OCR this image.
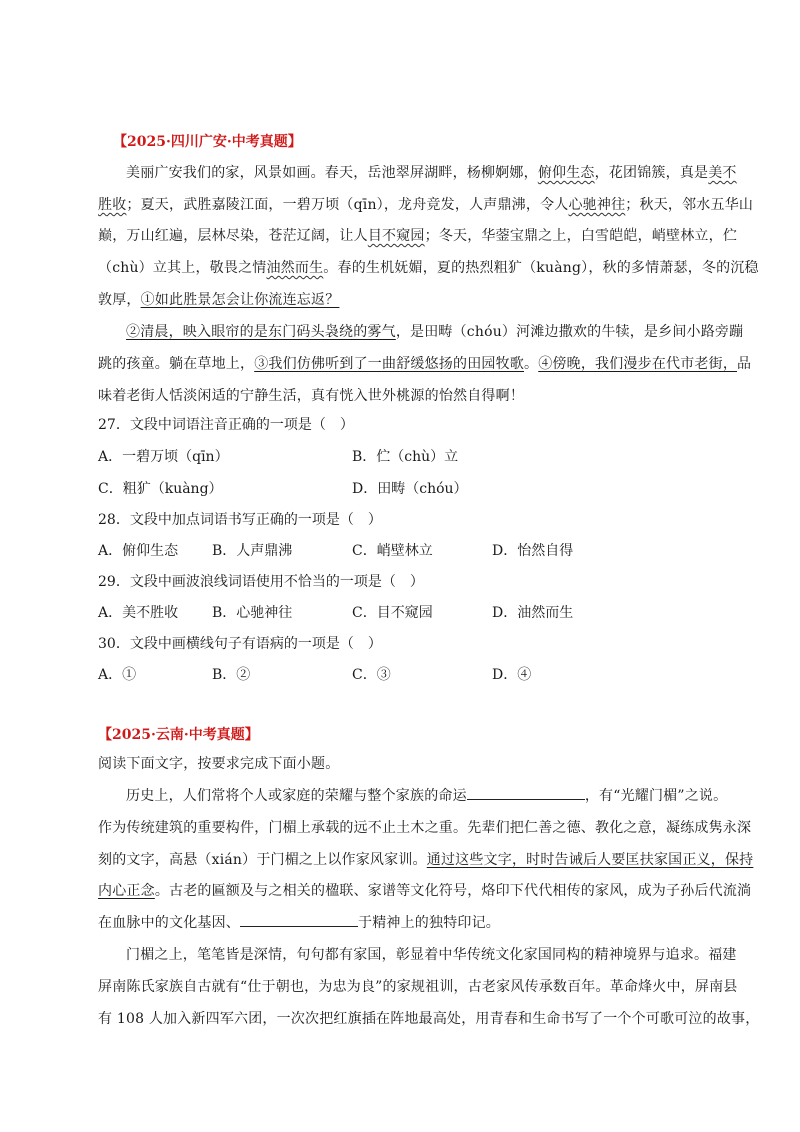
【2025·四川广安·中考真题】
美丽广安我们的家，风景如画。春天，岳池翠屏湖畔，杨柳婀娜，俯仰生态，花团锦簇，真是美不
胜收；夏天，武胜嘉陵江面，一碧万顷（qīn），龙舟竞发，人声鼎沸，令人心驰神往；秋天，邻水五华山
巅，万山红遍，层林尽染，苍茫辽阔，让人目不窥园；冬天，华蓥宝鼎之上，白雪皑皑，峭壁林立，伫
（chù）立其上，敬畏之情油然而生。春的生机妩媚，夏的热烈粗犷（kuàng），秋的多情萧瑟，冬的沉稳
敦厚，①如此胜景怎会让你流连忘返？
②清晨，映入眼帘的是东门码头袅绕的雾气，是田畴（chóu）河滩边撒欢的牛犊，是乡间小路旁蹦
跳的孩童。躺在草地上，③我们仿佛听到了一曲舒缓悠扬的田园牧歌。④傍晚，我们漫步在代市老街，品
味着老街人恬淡闲适的宁静生活，真有恍入世外桃源的怡然自得啊！
27．文段中词语注音正确的一项是（　）
A．一碧万顷（qīn）	B．伫（chù）立
C．粗犷（kuàng）	D．田畴（chóu）
28．文段中加点词语书写正确的一项是（　）
A．俯仰生态 B．人声鼎沸	C．峭壁林立	D．怡然自得
29．文段中画波浪线词语使用不恰当的一项是（　）
A．美不胜收 B．心驰神往	C．目不窥园	D．油然而生
30．文段中画横线句子有语病的一项是（　）
A．①	B．②	C．③	D．④
【2025·云南·中考真题】
阅读下面文字，按要求完成下面小题。
历史上，人们常将个人或家庭的荣耀与整个家族的命运	，有“光耀门楣”之说。
作为传统建筑的重要构件，门楣上承载的远不止土木之重。先辈们把仁善之德、教化之意，凝练成隽永深
刻的文字，高悬（xián）于门楣之上以作家风家训。通过这些文字，时时告诫后人要匡扶家国正义，保持
内心正念。古老的匾额及与之相关的楹联、家谱等文化符号，烙印下代代相传的家风，成为子孙后代流淌
在血脉中的文化基因、	于精神上的独特印记。
门楣之上，笔笔皆是深情，句句都有家国，彰显着中华传统文化家国同构的精神境界与追求。福建
屏南陈氏家族自古就有“仕于朝也，为忠为良”的家规祖训，古老家风传承数百年。革命烽火中，屏南县
有 108 人加入新四军六团，一次次把红旗插在阵地最高处，用青春和生命书写了一个个可歌可泣的故事，
